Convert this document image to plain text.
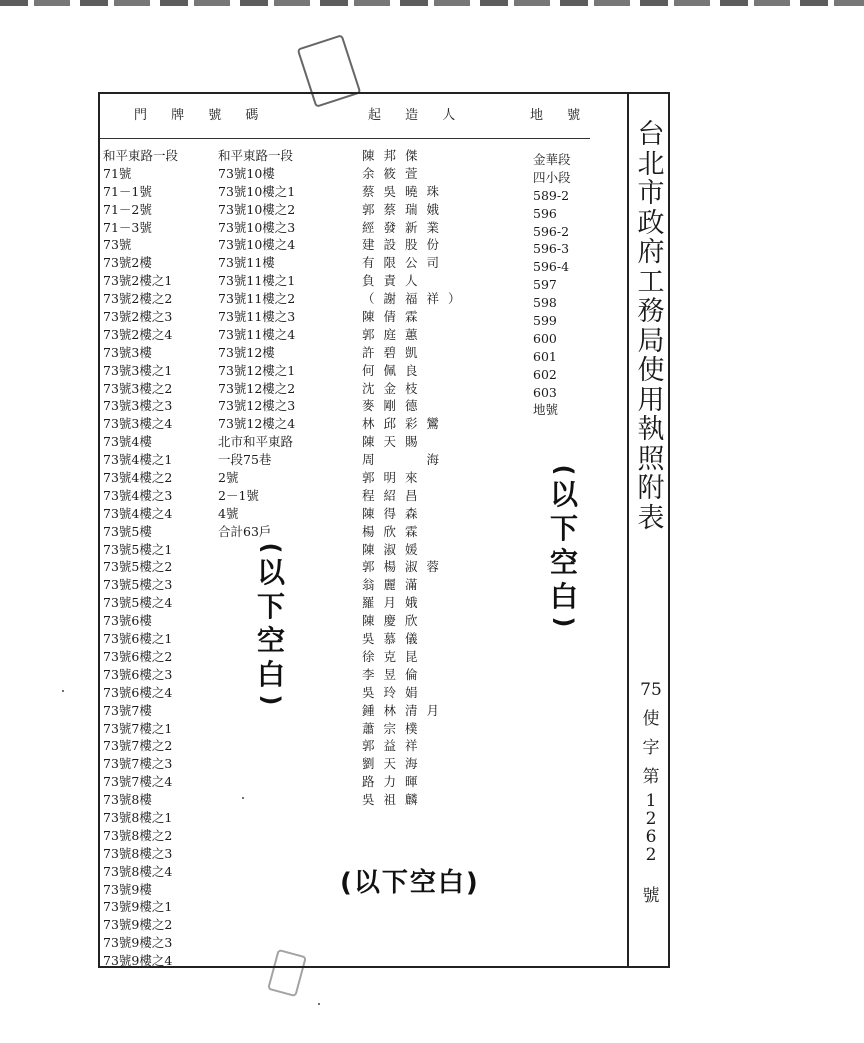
門 牌 號 碼	起 造 人	地 號
和平東路一段
71號
71－1號
71－2號
71－3號
73號
73號2樓
73號2樓之1
73號2樓之2
73號2樓之3
73號2樓之4
73號3樓
73號3樓之1
73號3樓之2
73號3樓之3
73號3樓之4
73號4樓
73號4樓之1
73號4樓之2
73號4樓之3
73號4樓之4
73號5樓
73號5樓之1
73號5樓之2
73號5樓之3
73號5樓之4
73號6樓
73號6樓之1
73號6樓之2
73號6樓之3
73號6樓之4
73號7樓
73號7樓之1
73號7樓之2
73號7樓之3
73號7樓之4
73號8樓
73號8樓之1
73號8樓之2
73號8樓之3
73號8樓之4
73號9樓
73號9樓之1
73號9樓之2
73號9樓之3
73號9樓之4
和平東路一段
73號10樓
73號10樓之1
73號10樓之2
73號10樓之3
73號10樓之4
73號11樓
73號11樓之1
73號11樓之2
73號11樓之3
73號11樓之4
73號12樓
73號12樓之1
73號12樓之2
73號12樓之3
73號12樓之4
北市和平東路
一段75巷
2號
2－1號
4號
合計63戶
陳邦傑
余筱萱
蔡吳曉珠
郭蔡瑞娥
經發新業
建設股份
有限公司
負責人
（謝福祥）
陳倩霖
郭庭蕙
許碧凱
何佩良
沈金枝
麥剛德
林邱彩鸞
陳天賜
周　　海
郭明來
程紹昌
陳得森
楊欣霖
陳淑媛
郭楊淑蓉
翁麗滿
羅月娥
陳慶欣
吳慕儀
徐克昆
李昱倫
吳玲娟
鍾林清月
蕭宗樸
郭益祥
劉天海
路力暉
吳祖麟
金華段
四小段
589-2
596
596-2
596-3
596-4
597
598
599
600
601
602
603
地號
台
北
市
政
府
工
務
局
使
用
執
照
附
表
75
使
字
第
1
2
6
2
號
(
以
下
空
白
)
(
以
下
空
白
)
(以下空白)
